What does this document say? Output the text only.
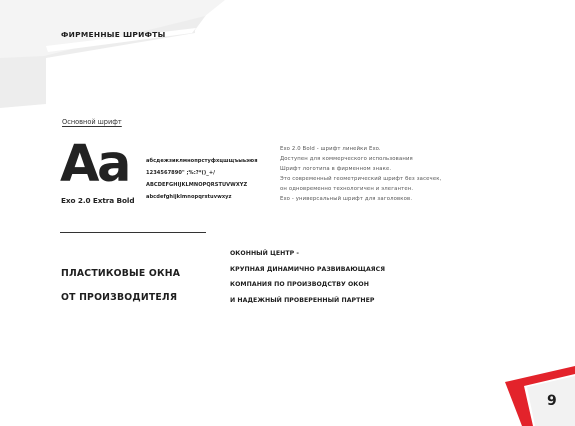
ФИРМЕННЫЕ ШРИФТЫ
Основной шрифт
Aa
Exo 2.0 Extra Bold
абсдежзиклмнопрстуфхцшщъыьэюя
1234567890" ;%:?*()_+/
ABCDEFGHIJKLMNOPQRSTUVWXYZ
abcdefghijklmnopqrstuvwxyz
Exo 2.0 Bold - шрифт линейки Exo.
Доступен для коммерческого использования
Шрифт логотипа в фирменном знаке.
Это современный геометрический шрифт без засечек,
он одновременно технологичен и элегантен.
Exo - универсальный шрифт для заголовков.
ПЛАСТИКОВЫЕ ОКНА
ОТ ПРОИЗВОДИТЕЛЯ
ОКОННЫЙ ЦЕНТР -
КРУПНАЯ ДИНАМИЧНО РАЗВИВАЮЩАЯСЯ
КОМПАНИЯ ПО ПРОИЗВОДСТВУ ОКОН
И НАДЕЖНЫЙ ПРОВЕРЕННЫЙ ПАРТНЕР
9
